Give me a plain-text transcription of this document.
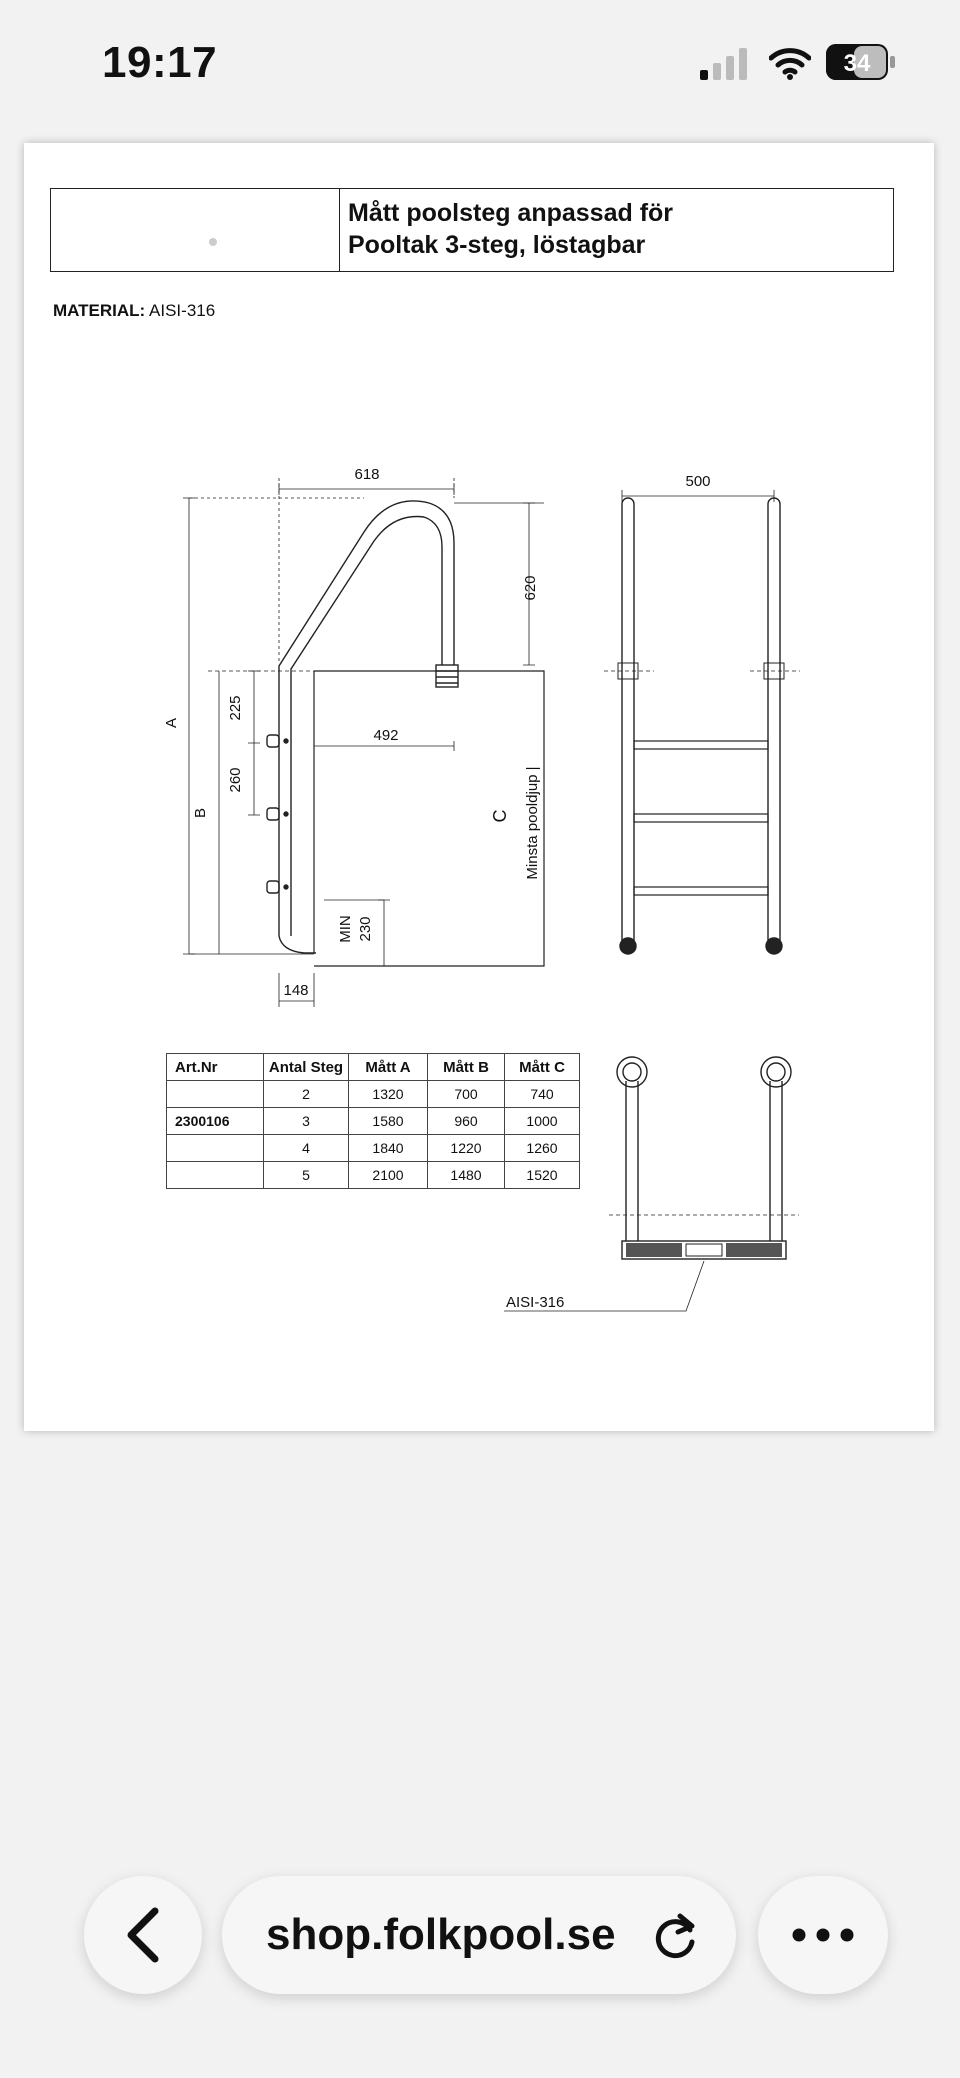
19:17	34
Mått poolsteg anpassad för
Pooltak 3-steg, löstagbar
MATERIAL: AISI-316
618
620
492
225
260
MIN 230
148
A
B	C Minsta pooldjup |
500
AISI-316
Art.Nr	Antal Steg	Mått A	Mått B	Mått C
	2	1320	700	740
2300106	3	1580	960	1000
	4	1840	1220	1260
	5	2100	1480	1520
shop.folkpool.se
